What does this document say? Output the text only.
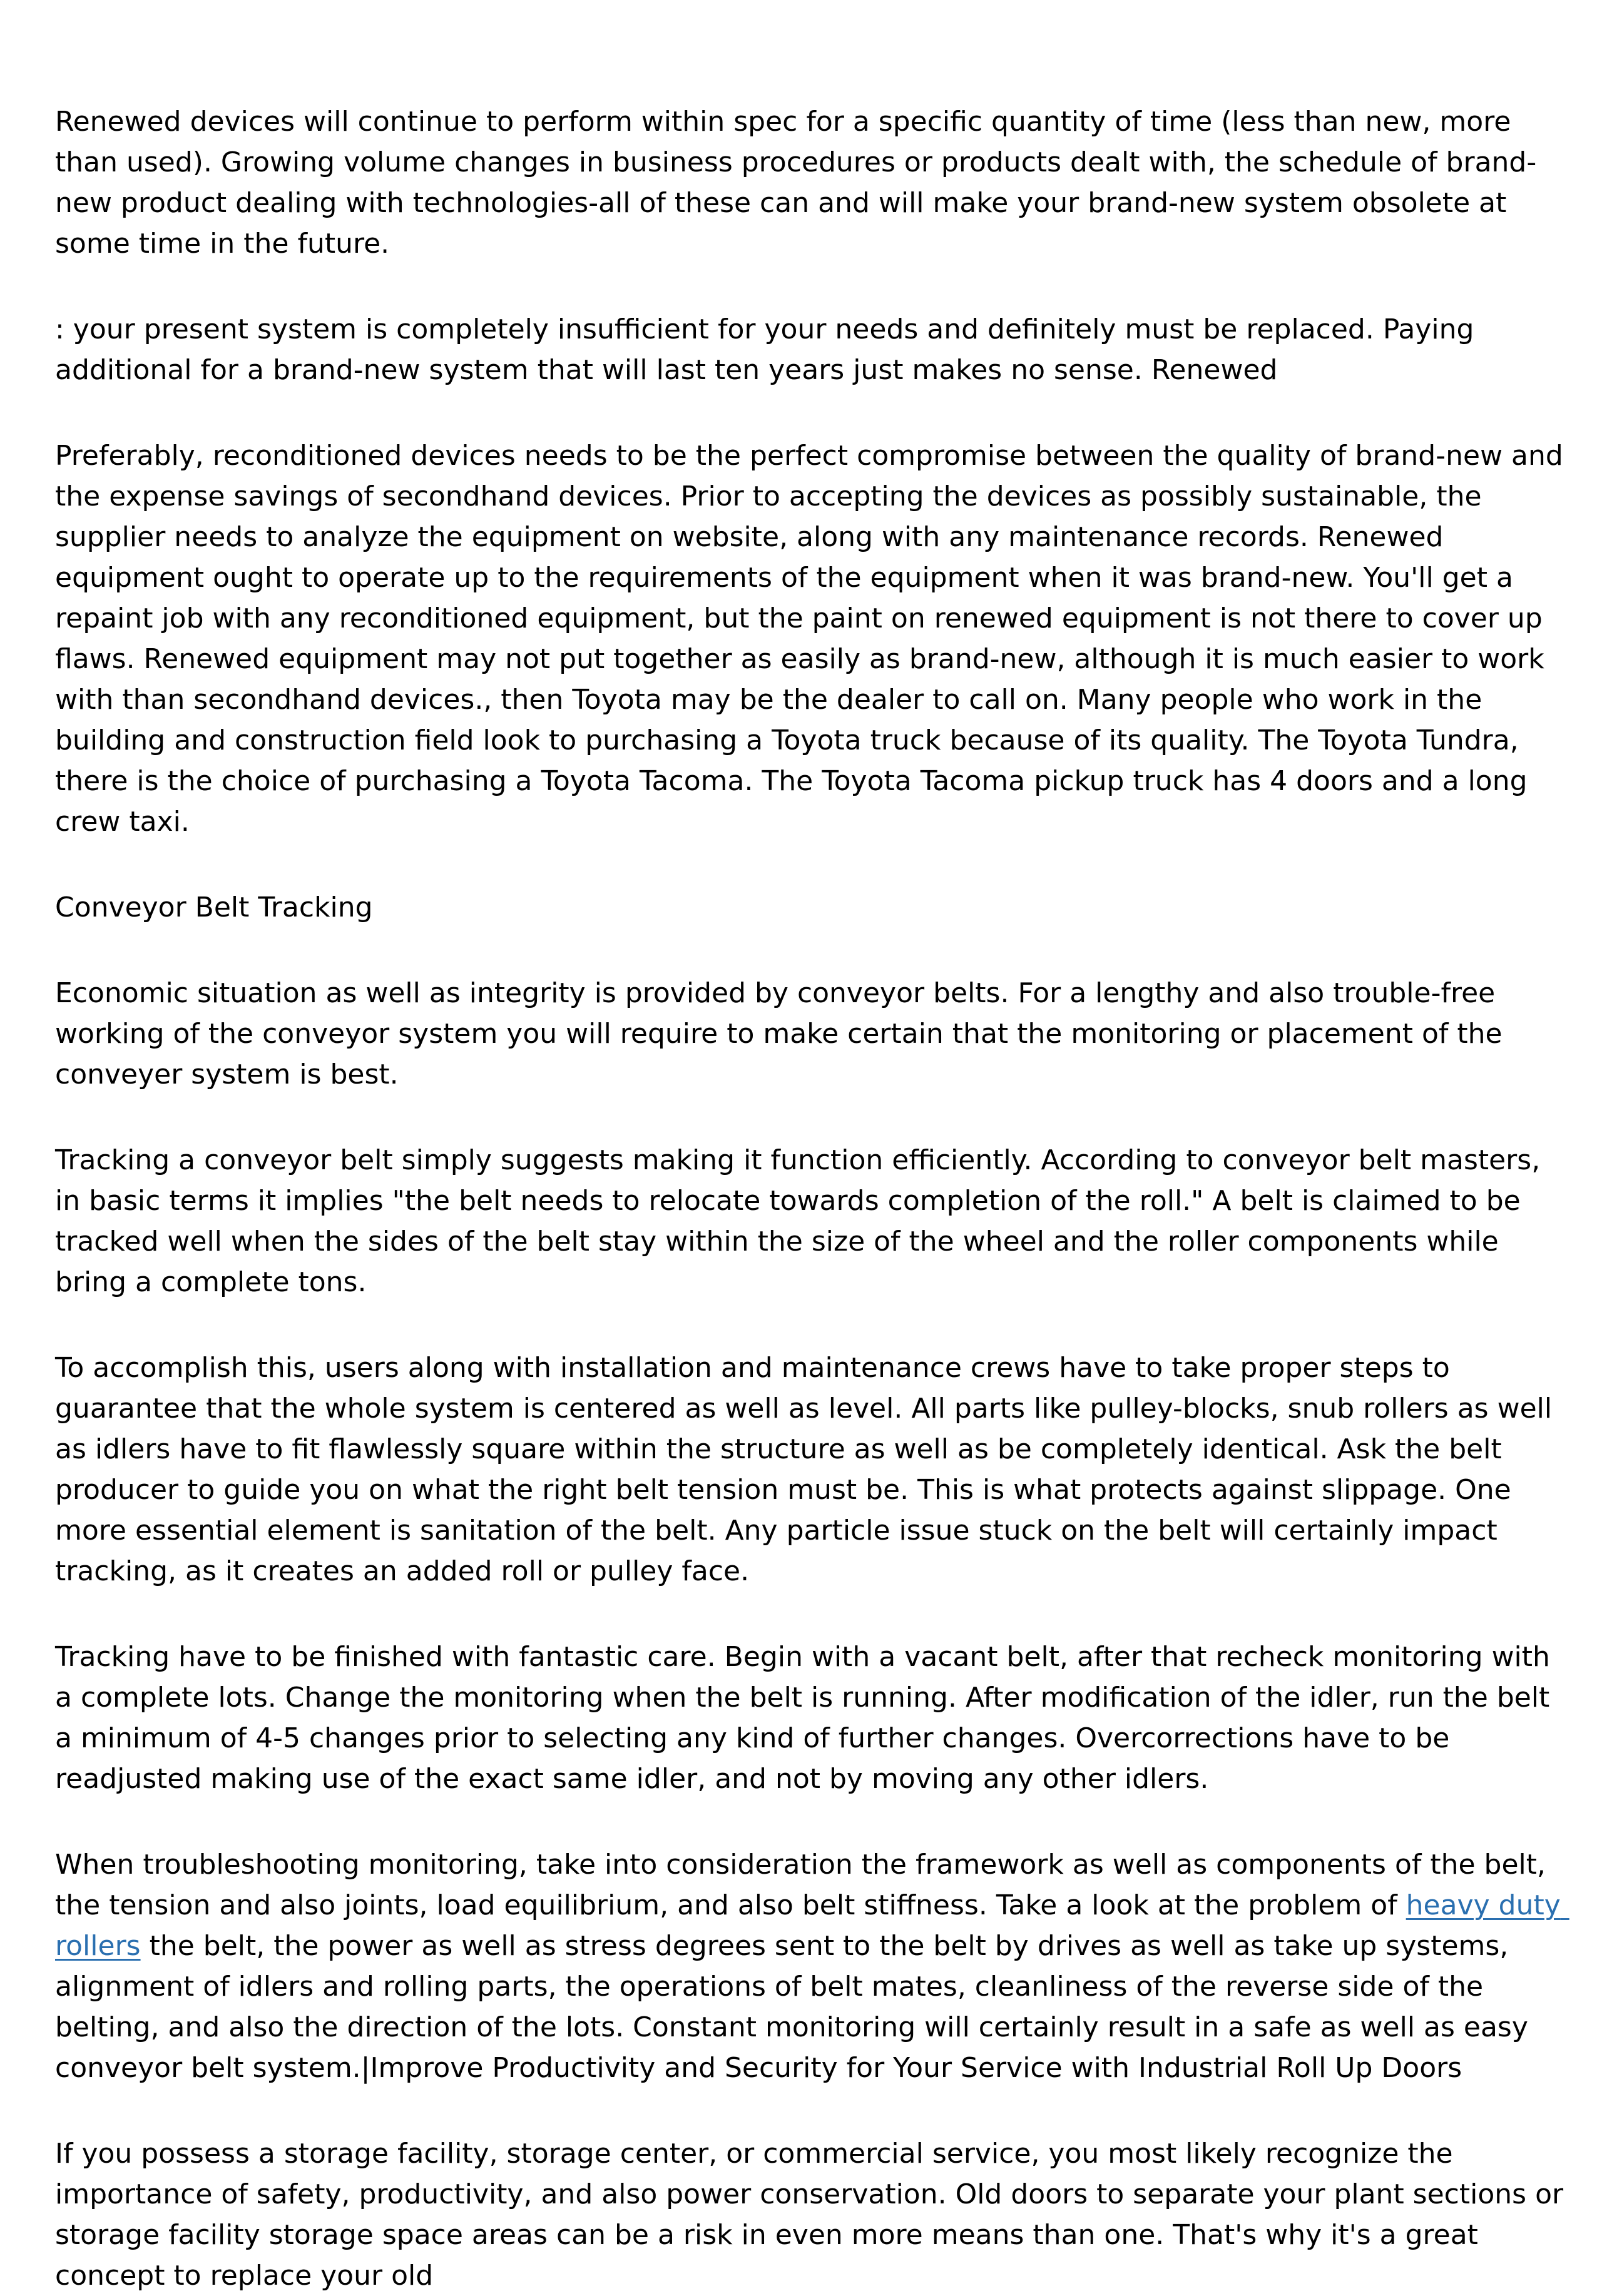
Renewed devices will continue to perform within spec for a specific quantity of time (less than new, more than used). Growing volume changes in business procedures or products dealt with, the schedule of brand-new product dealing with technologies-all of these can and will make your brand-new system obsolete at some time in the future.

: your present system is completely insufficient for your needs and definitely must be replaced. Paying additional for a brand-new system that will last ten years just makes no sense. Renewed

Preferably, reconditioned devices needs to be the perfect compromise between the quality of brand-new and the expense savings of secondhand devices. Prior to accepting the devices as possibly sustainable, the supplier needs to analyze the equipment on website, along with any maintenance records. Renewed equipment ought to operate up to the requirements of the equipment when it was brand-new. You'll get a repaint job with any reconditioned equipment, but the paint on renewed equipment is not there to cover up flaws. Renewed equipment may not put together as easily as brand-new, although it is much easier to work with than secondhand devices., then Toyota may be the dealer to call on. Many people who work in the building and construction field look to purchasing a Toyota truck because of its quality. The Toyota Tundra, there is the choice of purchasing a Toyota Tacoma. The Toyota Tacoma pickup truck has 4 doors and a long crew taxi.

Conveyor Belt Tracking

Economic situation as well as integrity is provided by conveyor belts. For a lengthy and also trouble-free working of the conveyor system you will require to make certain that the monitoring or placement of the conveyer system is best.

Tracking a conveyor belt simply suggests making it function efficiently. According to conveyor belt masters, in basic terms it implies "the belt needs to relocate towards completion of the roll." A belt is claimed to be tracked well when the sides of the belt stay within the size of the wheel and the roller components while bring a complete tons.

To accomplish this, users along with installation and maintenance crews have to take proper steps to guarantee that the whole system is centered as well as level. All parts like pulley-blocks, snub rollers as well as idlers have to fit flawlessly square within the structure as well as be completely identical. Ask the belt producer to guide you on what the right belt tension must be. This is what protects against slippage. One more essential element is sanitation of the belt. Any particle issue stuck on the belt will certainly impact tracking, as it creates an added roll or pulley face.

Tracking have to be finished with fantastic care. Begin with a vacant belt, after that recheck monitoring with a complete lots. Change the monitoring when the belt is running. After modification of the idler, run the belt a minimum of 4-5 changes prior to selecting any kind of further changes. Overcorrections have to be readjusted making use of the exact same idler, and not by moving any other idlers.

When troubleshooting monitoring, take into consideration the framework as well as components of the belt, the tension and also joints, load equilibrium, and also belt stiffness. Take a look at the problem of heavy duty rollers the belt, the power as well as stress degrees sent to the belt by drives as well as take up systems, alignment of idlers and rolling parts, the operations of belt mates, cleanliness of the reverse side of the belting, and also the direction of the lots. Constant monitoring will certainly result in a safe as well as easy conveyor belt system.|Improve Productivity and Security for Your Service with Industrial Roll Up Doors

If you possess a storage facility, storage center, or commercial service, you most likely recognize the importance of safety, productivity, and also power conservation. Old doors to separate your plant sections or storage facility storage space areas can be a risk in even more means than one. That's why it's a great concept to replace your old
